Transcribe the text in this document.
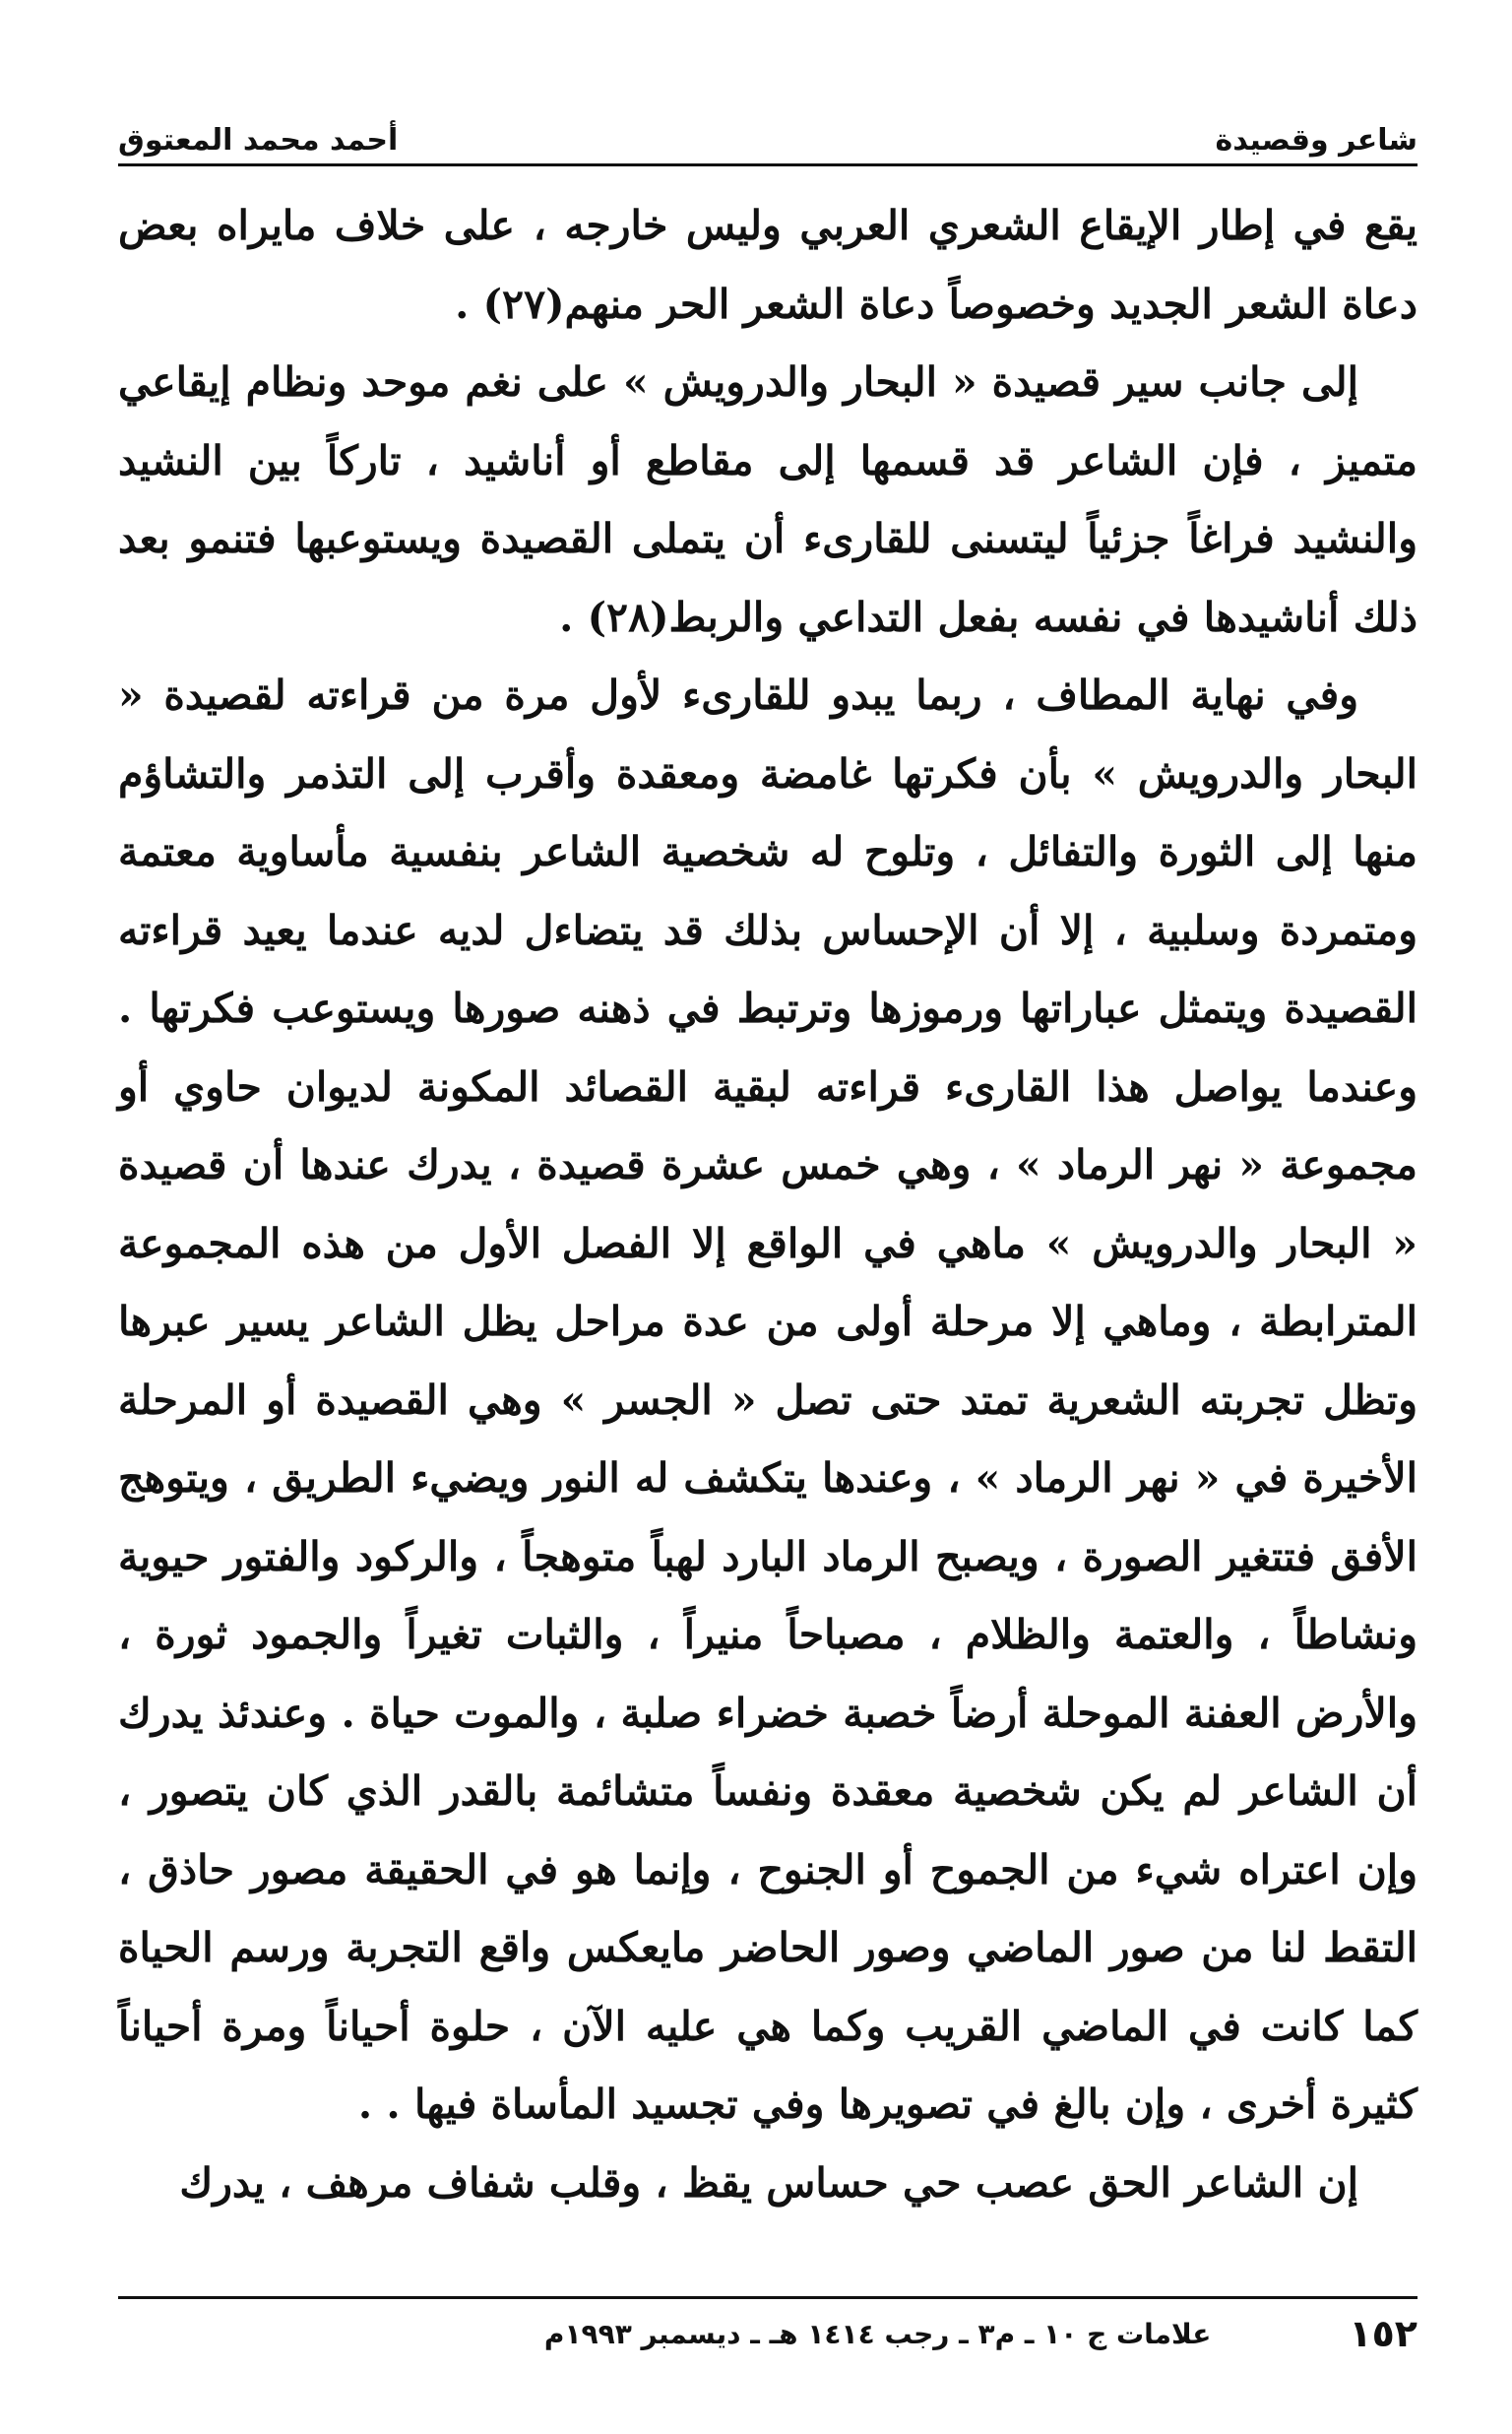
شاعر وقصيدة
أحمد محمد المعتوق

يقع في إطار الإيقاع الشعري العربي وليس خارجه ، على خلاف مايراه بعض دعاة الشعر الجديد وخصوصاً دعاة الشعر الحر منهم(٢٧) .

إلى جانب سير قصيدة « البحار والدرويش » على نغم موحد ونظام إيقاعي متميز ، فإن الشاعر قد قسمها إلى مقاطع أو أناشيد ، تاركاً بين النشيد والنشيد فراغاً جزئياً ليتسنى للقارىء أن يتملى القصيدة ويستوعبها فتنمو بعد ذلك أناشيدها في نفسه بفعل التداعي والربط(٢٨) .

وفي نهاية المطاف ، ربما يبدو للقارىء لأول مرة من قراءته لقصيدة « البحار والدرويش » بأن فكرتها غامضة ومعقدة وأقرب إلى التذمر والتشاؤم منها إلى الثورة والتفائل ، وتلوح له شخصية الشاعر بنفسية مأساوية معتمة ومتمردة وسلبية ، إلا أن الإحساس بذلك قد يتضاءل لديه عندما يعيد قراءته القصيدة ويتمثل عباراتها ورموزها وترتبط في ذهنه صورها ويستوعب فكرتها . وعندما يواصل هذا القارىء قراءته لبقية القصائد المكونة لديوان حاوي أو مجموعة « نهر الرماد » ، وهي خمس عشرة قصيدة ، يدرك عندها أن قصيدة « البحار والدرويش » ماهي في الواقع إلا الفصل الأول من هذه المجموعة المترابطة ، وماهي إلا مرحلة أولى من عدة مراحل يظل الشاعر يسير عبرها وتظل تجربته الشعرية تمتد حتى تصل « الجسر » وهي القصيدة أو المرحلة الأخيرة في « نهر الرماد » ، وعندها يتكشف له النور ويضيء الطريق ، ويتوهج الأفق فتتغير الصورة ، ويصبح الرماد البارد لهباً متوهجاً ، والركود والفتور حيوية ونشاطاً ، والعتمة والظلام ، مصباحاً منيراً ، والثبات تغيراً والجمود ثورة ، والأرض العفنة الموحلة أرضاً خصبة خضراء صلبة ، والموت حياة . وعندئذ يدرك أن الشاعر لم يكن شخصية معقدة ونفساً متشائمة بالقدر الذي كان يتصور ، وإن اعتراه شيء من الجموح أو الجنوح ، وإنما هو في الحقيقة مصور حاذق ، التقط لنا من صور الماضي وصور الحاضر مايعكس واقع التجربة ورسم الحياة كما كانت في الماضي القريب وكما هي عليه الآن ، حلوة أحياناً ومرة أحياناً كثيرة أخرى ، وإن بالغ في تصويرها وفي تجسيد المأساة فيها . .

إن الشاعر الحق عصب حي حساس يقظ ، وقلب شفاف مرهف ، يدرك

١٥٢
علامات ج ١٠ ـ م٣ ـ رجب ١٤١٤ هـ ـ ديسمبر ١٩٩٣م
